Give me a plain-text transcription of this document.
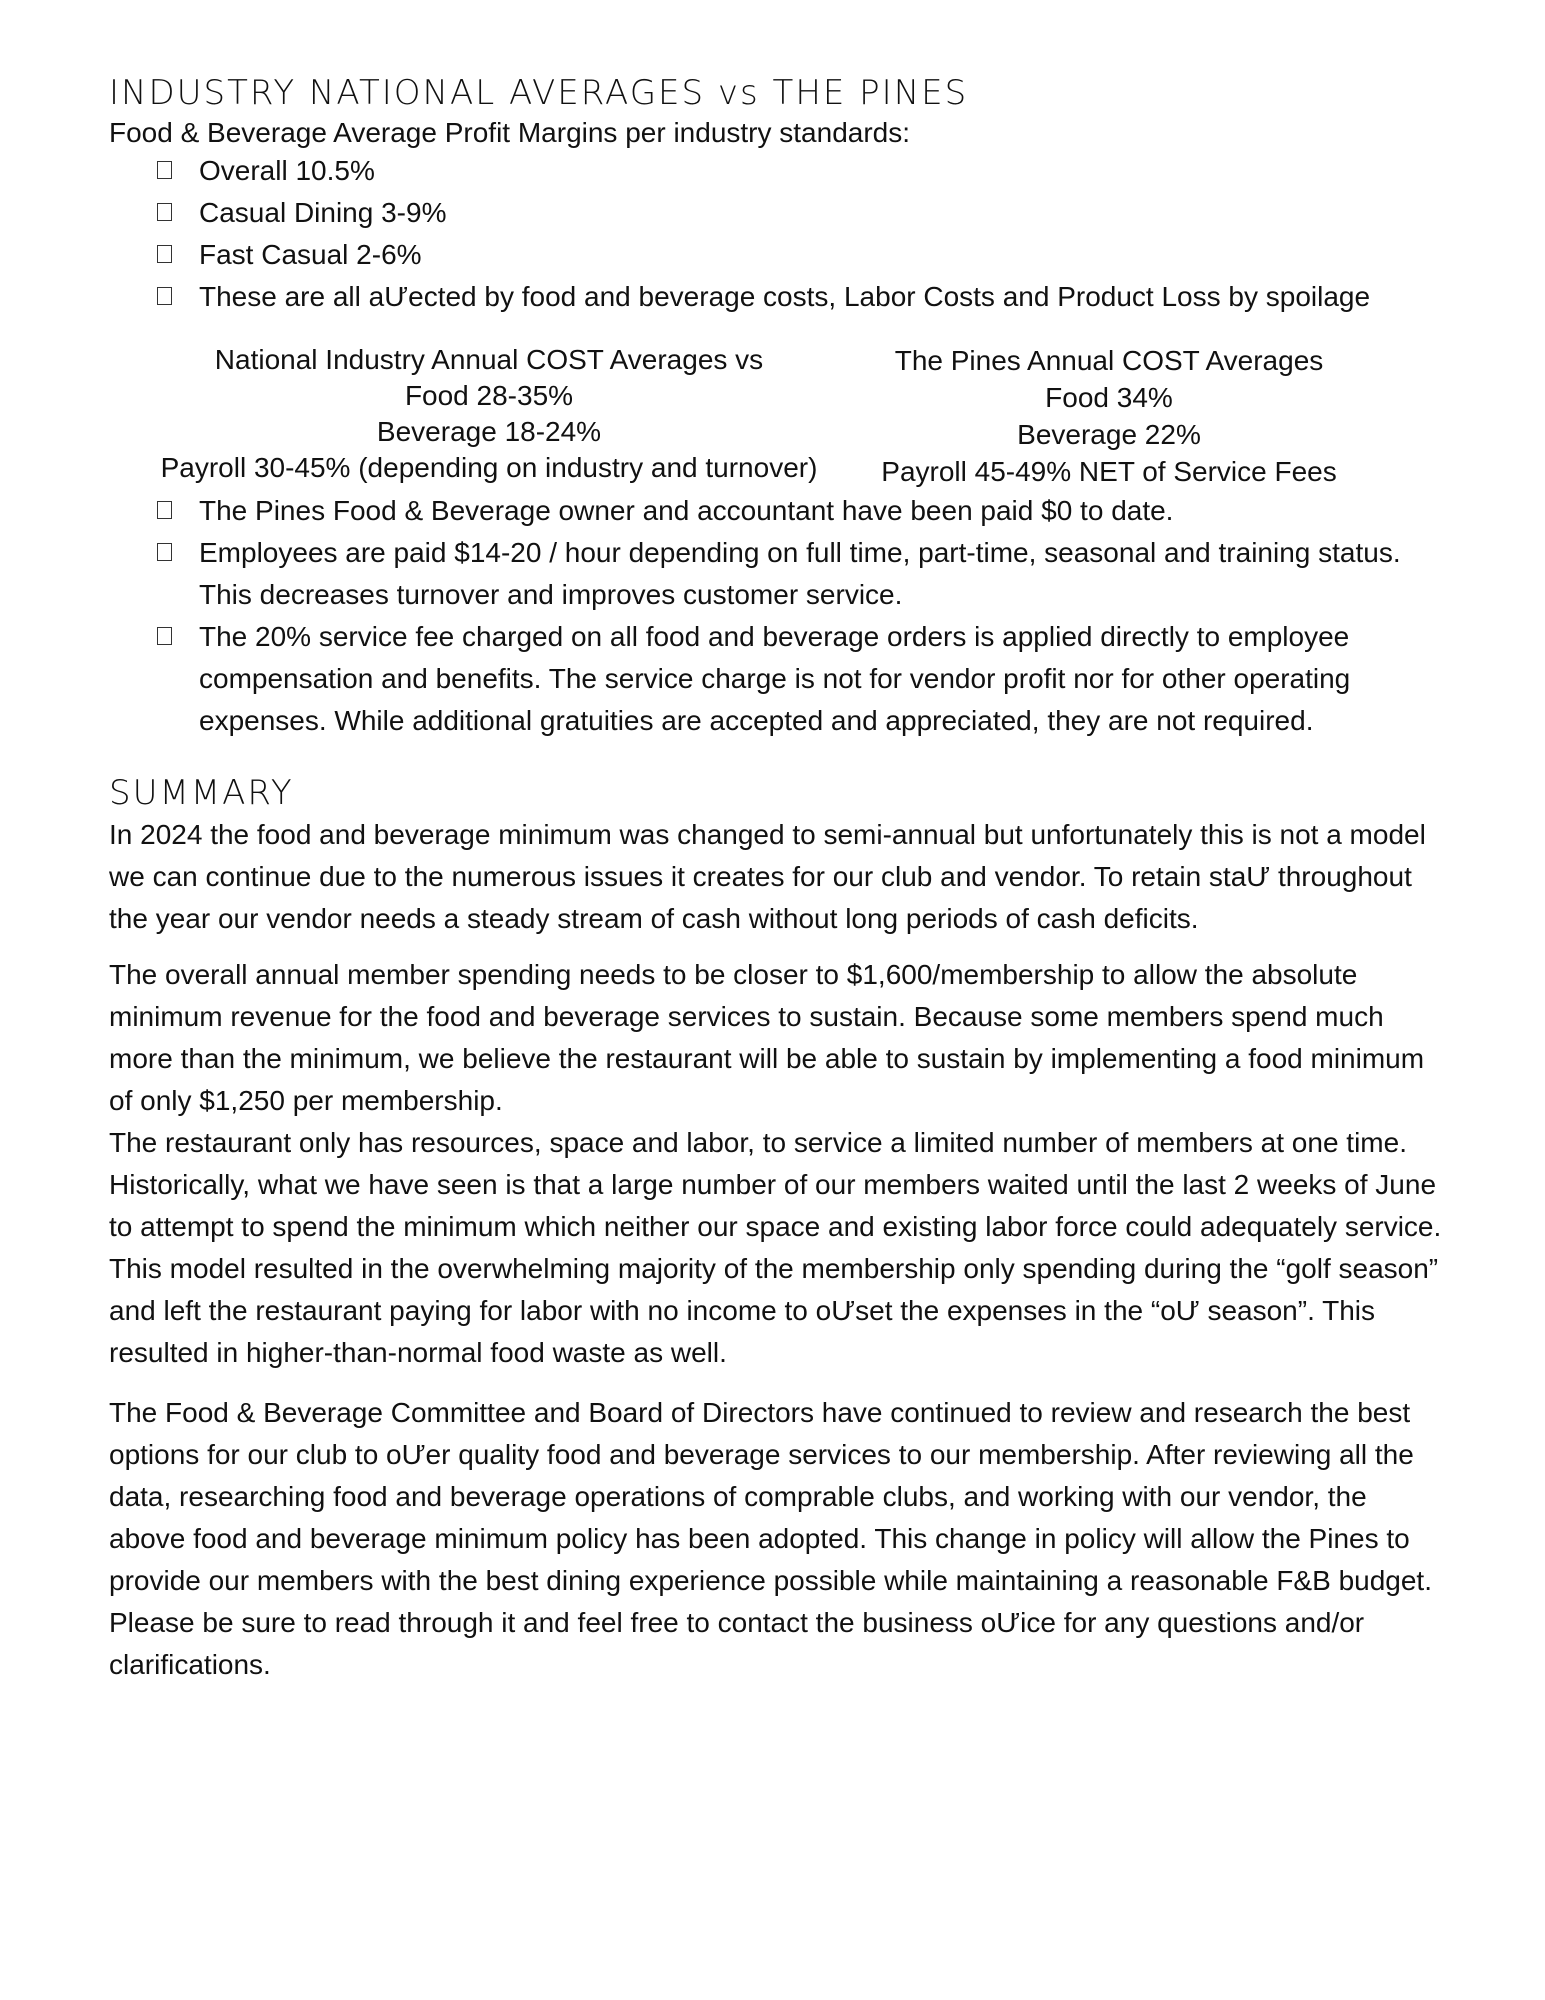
INDUSTRY NATIONAL AVERAGES vs THE PINES
Food & Beverage Average Profit Margins per industry standards:
Overall 10.5%
Casual Dining 3-9%
Fast Casual 2-6%
These are all aƯected by food and beverage costs, Labor Costs and Product Loss by spoilage
National Industry Annual COST Averages vs
Food 28-35%
Beverage 18-24%
Payroll 30-45% (depending on industry and turnover)
The Pines Annual COST Averages
Food 34%
Beverage 22%
Payroll 45-49% NET of Service Fees
The Pines Food & Beverage owner and accountant have been paid $0 to date.
Employees are paid $14-20 / hour depending on full time, part-time, seasonal and training status. This decreases turnover and improves customer service.
The 20% service fee charged on all food and beverage orders is applied directly to employee compensation and benefits. The service charge is not for vendor profit nor for other operating expenses. While additional gratuities are accepted and appreciated, they are not required.
SUMMARY

In 2024 the food and beverage minimum was changed to semi-annual but unfortunately this is not a model we can continue due to the numerous issues it creates for our club and vendor. To retain staƯ throughout the year our vendor needs a steady stream of cash without long periods of cash deficits.

The overall annual member spending needs to be closer to $1,600/membership to allow the absolute minimum revenue for the food and beverage services to sustain. Because some members spend much more than the minimum, we believe the restaurant will be able to sustain by implementing a food minimum of only $1,250 per membership.

The restaurant only has resources, space and labor, to service a limited number of members at one time. Historically, what we have seen is that a large number of our members waited until the last 2 weeks of June to attempt to spend the minimum which neither our space and existing labor force could adequately service.

This model resulted in the overwhelming majority of the membership only spending during the “golf season” and left the restaurant paying for labor with no income to oƯset the expenses in the “oƯ season”. This resulted in higher-than-normal food waste as well.

The Food & Beverage Committee and Board of Directors have continued to review and research the best options for our club to oƯer quality food and beverage services to our membership. After reviewing all the data, researching food and beverage operations of comprable clubs, and working with our vendor, the above food and beverage minimum policy has been adopted. This change in policy will allow the Pines to provide our members with the best dining experience possible while maintaining a reasonable F&B budget. Please be sure to read through it and feel free to contact the business oƯice for any questions and/or clarifications.
